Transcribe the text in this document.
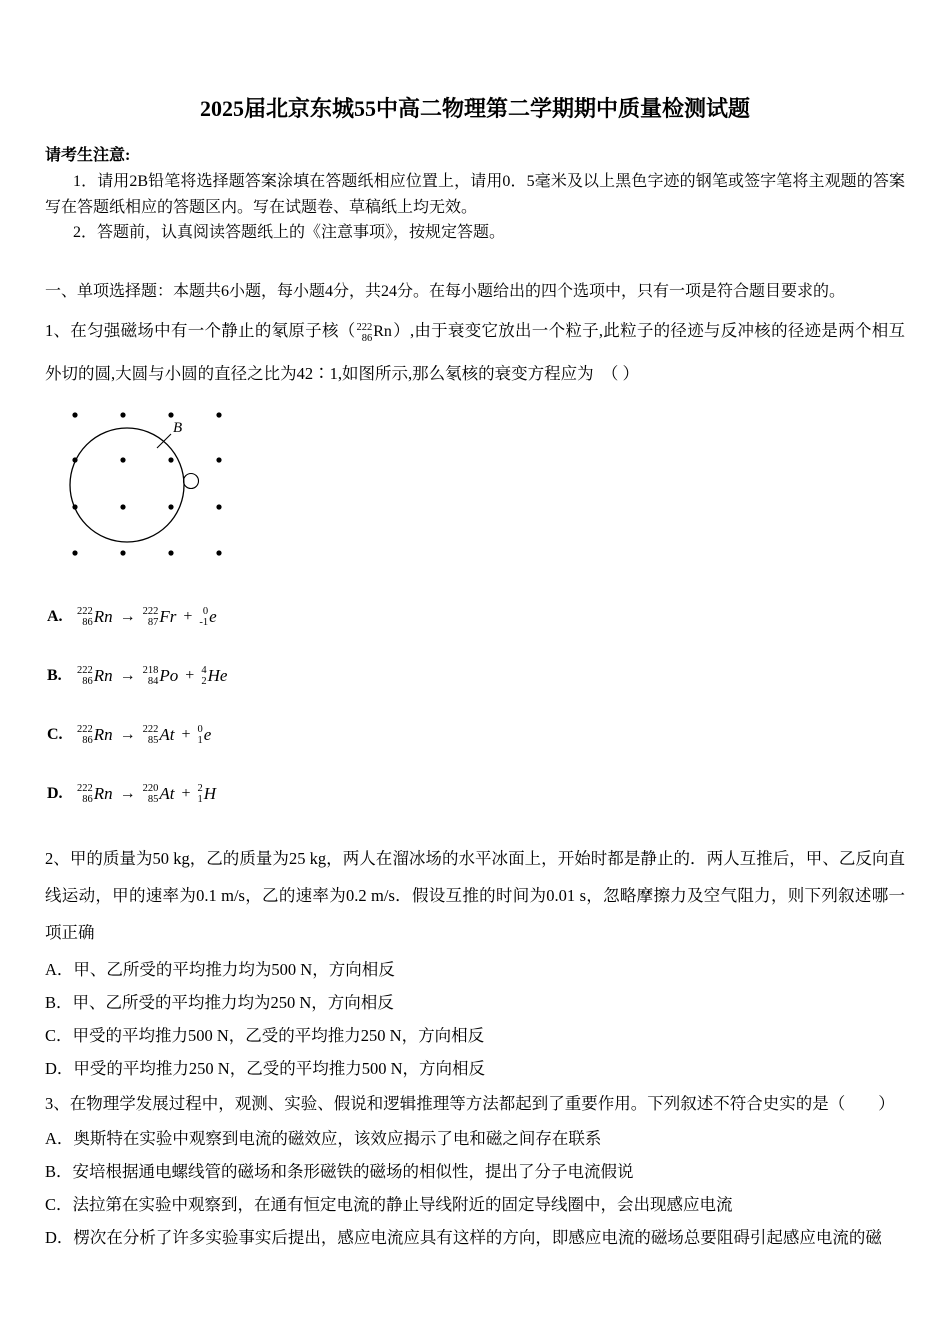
2025届北京东城55中高二物理第二学期期中质量检测试题

请考生注意:

1．请用2B铅笔将选择题答案涂填在答题纸相应位置上，请用0．5毫米及以上黑色字迹的钢笔或签字笔将主观题的答案写在答题纸相应的答题区内。写在试题卷、草稿纸上均无效。

2．答题前，认真阅读答题纸上的《注意事项》，按规定答题。

一、单项选择题：本题共6小题，每小题4分，共24分。在每小题给出的四个选项中，只有一项是符合题目要求的。

1、在匀强磁场中有一个静止的氡原子核（ 222
86 Rn ）,由于衰变它放出一个粒子,此粒子的径迹与反冲核的径迹是两个相互外切的圆,大圆与小圆的直径之比为42∶1,如图所示,那么氡核的衰变方程应为　 （ ）

B
A.	222
86 Rn → 222
87 Fr +	0
-1 e
B.	222
86 Rn → 218
84 Po + 4
2 He
C.	222
86 Rn → 222
85 At + 0
1 e
D.	222
86 Rn → 220
85 At + 2
1 H

2、甲的质量为50 kg，乙的质量为25 kg，两人在溜冰场的水平冰面上，开始时都是静止的．两人互推后，甲、乙反向直线运动，甲的速率为0.1 m/s，乙的速率为0.2 m/s．假设互推的时间为0.01 s，忽略摩擦力及空气阻力，则下列叙述哪一项正确

A．甲、乙所受的平均推力均为500 N，方向相反

B．甲、乙所受的平均推力均为250 N，方向相反

C．甲受的平均推力500 N，乙受的平均推力250 N，方向相反

D．甲受的平均推力250 N，乙受的平均推力500 N，方向相反

3、在物理学发展过程中，观测、实验、假说和逻辑推理等方法都起到了重要作用。下列叙述不符合史实的是（　　）

A．奥斯特在实验中观察到电流的磁效应，该效应揭示了电和磁之间存在联系

B．安培根据通电螺线管的磁场和条形磁铁的磁场的相似性，提出了分子电流假说

C．法拉第在实验中观察到，在通有恒定电流的静止导线附近的固定导线圈中，会出现感应电流

D．楞次在分析了许多实验事实后提出，感应电流应具有这样的方向，即感应电流的磁场总要阻碍引起感应电流的磁
